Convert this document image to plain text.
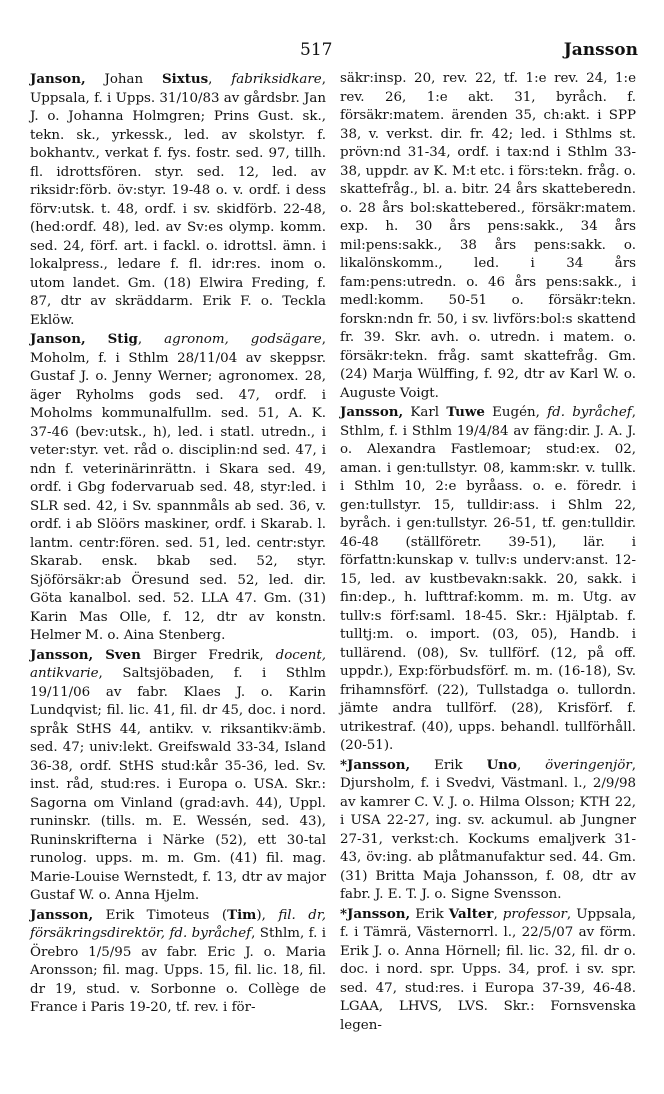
517	Jansson

Janson, Johan Sixtus, fabriksidkare, Uppsala, f. i Upps. 31/10/83 av gårdsbr. Jan J. o. Johanna Holmgren; Prins Gust. sk., tekn. sk., yrkessk., led. av skolstyr. f. bokhantv., verkat f. fys. fostr. sed. 97, tillh. fl. idrottsfören. styr. sed. 12, led. av riksidr:förb. öv:styr. 19-48 o. v. ordf. i dess förv:utsk. t. 48, ordf. i sv. skidförb. 22-48, (hed:ordf. 48), led. av Sv:es olymp. komm. sed. 24, förf. art. i fackl. o. idrottsl. ämn. i lokalpress., ledare f. fl. idr:res. inom o. utom landet. Gm. (18) Elwira Freding, f. 87, dtr av skräddarm. Erik F. o. Teckla Eklöw.

Janson, Stig, agronom, godsägare, Moholm, f. i Sthlm 28/11/04 av skeppsr. Gustaf J. o. Jenny Werner; agronomex. 28, äger Ryholms gods sed. 47, ordf. i Moholms kommunalfullm. sed. 51, A. K. 37-46 (bev:utsk., h), led. i statl. utredn., i veter:styr. vet. råd o. disciplin:nd sed. 47, i ndn f. veterinärinrättn. i Skara sed. 49, ordf. i Gbg fodervaruab sed. 48, styr:led. i SLR sed. 42, i Sv. spannmåls ab sed. 36, v. ordf. i ab Slöörs maskiner, ordf. i Skarab. l. lantm. centr:fören. sed. 51, led. centr:styr. Skarab. ensk. bkab sed. 52, styr. Sjöförsäkr:ab Öresund sed. 52, led. dir. Göta kanalbol. sed. 52. LLA 47. Gm. (31) Karin Mas Olle, f. 12, dtr av konstn. Helmer M. o. Aina Stenberg.

Jansson, Sven Birger Fredrik, docent, antikvarie, Saltsjöbaden, f. i Sthlm 19/11/06 av fabr. Klaes J. o. Karin Lundqvist; fil. lic. 41, fil. dr 45, doc. i nord. språk StHS 44, antikv. v. riksantikv:ämb. sed. 47; univ:lekt. Greifswald 33-34, Island 36-38, ordf. StHS stud:kår 35-36, led. Sv. inst. råd, stud:res. i Europa o. USA. Skr.: Sagorna om Vinland (grad:avh. 44), Uppl. runinskr. (tills. m. E. Wessén, sed. 43), Runinskrifterna i Närke (52), ett 30-tal runolog. upps. m. m. Gm. (41) fil. mag. Marie-Louise Wernstedt, f. 13, dtr av major Gustaf W. o. Anna Hjelm.

Jansson, Erik Timoteus (Tim), fil. dr, försäkringsdirektör, fd. byråchef, Sthlm, f. i Örebro 1/5/95 av fabr. Eric J. o. Maria Aronsson; fil. mag. Upps. 15, fil. lic. 18, fil. dr 19, stud. v. Sorbonne o. Collège de France i Paris 19-20, tf. rev. i för-

säkr:insp. 20, rev. 22, tf. 1:e rev. 24, 1:e rev. 26, 1:e akt. 31, byråch. f. försäkr:matem. ärenden 35, ch:akt. i SPP 38, v. verkst. dir. fr. 42; led. i Sthlms st. prövn:nd 31-34, ordf. i tax:nd i Sthlm 33-38, uppdr. av K. M:t etc. i förs:tekn. fråg. o. skattefråg., bl. a. bitr. 24 års skatteberedn. o. 28 års bol:skattebered., försäkr:matem. exp. h. 30 års pens:sakk., 34 års mil:pens:sakk., 38 års pens:sakk. o. likalönskomm., led. i 34 års fam:pens:utredn. o. 46 års pens:sakk., i medl:komm. 50-51 o. försäkr:tekn. forskn:ndn fr. 50, i sv. livförs:bol:s skattend fr. 39. Skr. avh. o. utredn. i matem. o. försäkr:tekn. fråg. samt skattefråg. Gm. (24) Marja Wülffing, f. 92, dtr av Karl W. o. Auguste Voigt.

Jansson, Karl Tuwe Eugén, fd. byråchef, Sthlm, f. i Sthlm 19/4/84 av fäng:dir. J. A. J. o. Alexandra Fastlemoar; stud:ex. 02, aman. i gen:tullstyr. 08, kamm:skr. v. tullk. i Sthlm 10, 2:e byråass. o. e. föredr. i gen:tullstyr. 15, tulldir:ass. i Shlm 22, byråch. i gen:tullstyr. 26-51, tf. gen:tulldir. 46-48 (ställföretr. 39-51), lär. i författn:kunskap v. tullv:s underv:anst. 12-15, led. av kustbevakn:sakk. 20, sakk. i fin:dep., h. lufttraf:komm. m. m. Utg. av tullv:s förf:saml. 18-45. Skr.: Hjälptab. f. tulltj:m. o. import. (03, 05), Handb. i tullärend. (08), Sv. tullförf. (12, på off. uppdr.), Exp:förbudsförf. m. m. (16-18), Sv. frihamnsförf. (22), Tullstadga o. tullordn. jämte andra tullförf. (28), Krisförf. f. utrikestraf. (40), upps. behandl. tullförhåll. (20-51).

*Jansson, Erik Uno, överingenjör, Djursholm, f. i Svedvi, Västmanl. l., 2/9/98 av kamrer C. V. J. o. Hilma Olsson; KTH 22, i USA 22-27, ing. sv. ackumul. ab Jungner 27-31, verkst:ch. Kockums emaljverk 31-43, öv:ing. ab plåtmanufaktur sed. 44. Gm. (31) Britta Maja Johansson, f. 08, dtr av fabr. J. E. T. J. o. Signe Svensson.

*Jansson, Erik Valter, professor, Uppsala, f. i Tämrä, Västernorrl. l., 22/5/07 av förm. Erik J. o. Anna Hörnell; fil. lic. 32, fil. dr o. doc. i nord. spr. Upps. 34, prof. i sv. spr. sed. 47, stud:res. i Europa 37-39, 46-48. LGAA, LHVS, LVS. Skr.: Fornsvenska legen-
